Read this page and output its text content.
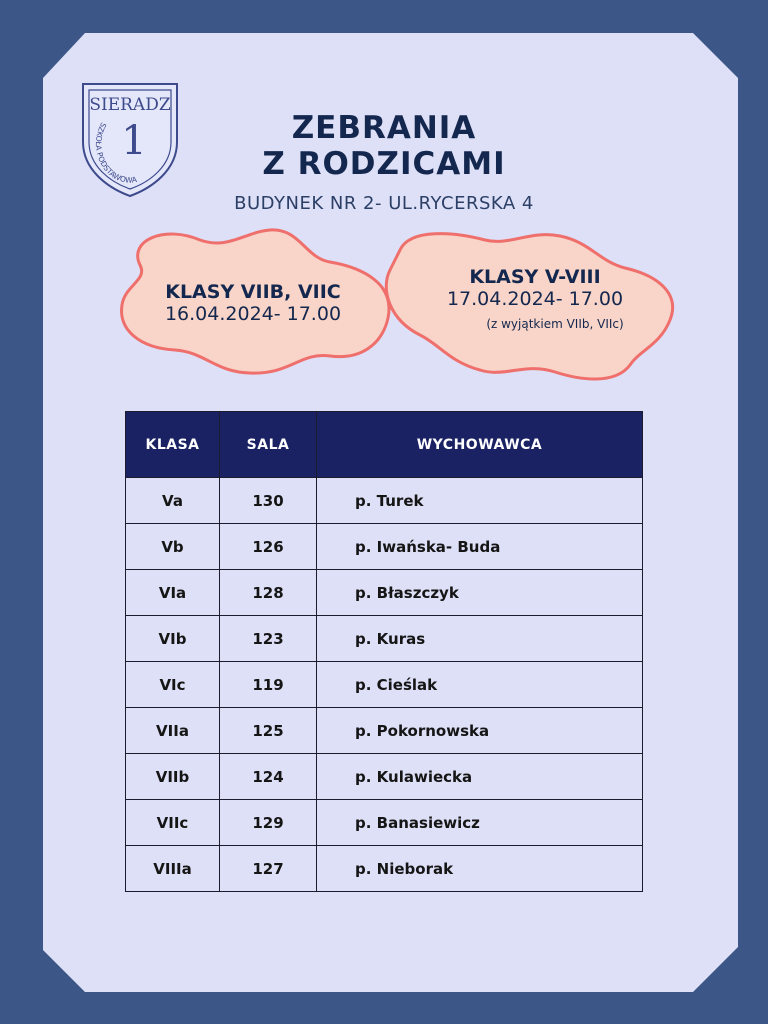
SIERADZ
1
SZKOŁA PODSTAWOWA
ZEBRANIA
Z RODZICAMI
BUDYNEK NR 2- UL.RYCERSKA 4
KLASY VIIB, VIIC
16.04.2024- 17.00
KLASY V-VIII
17.04.2024- 17.00
(z wyjątkiem VIIb, VIIc)
KLASA	SALA	WYCHOWAWCA
Va	130	p. Turek
Vb	126	p. Iwańska- Buda
VIa	128	p. Błaszczyk
VIb	123	p. Kuras
VIc	119	p. Cieślak
VIIa	125	p. Pokornowska
VIIb	124	p. Kulawiecka
VIIc	129	p. Banasiewicz
VIIIa	127	p. Nieborak
